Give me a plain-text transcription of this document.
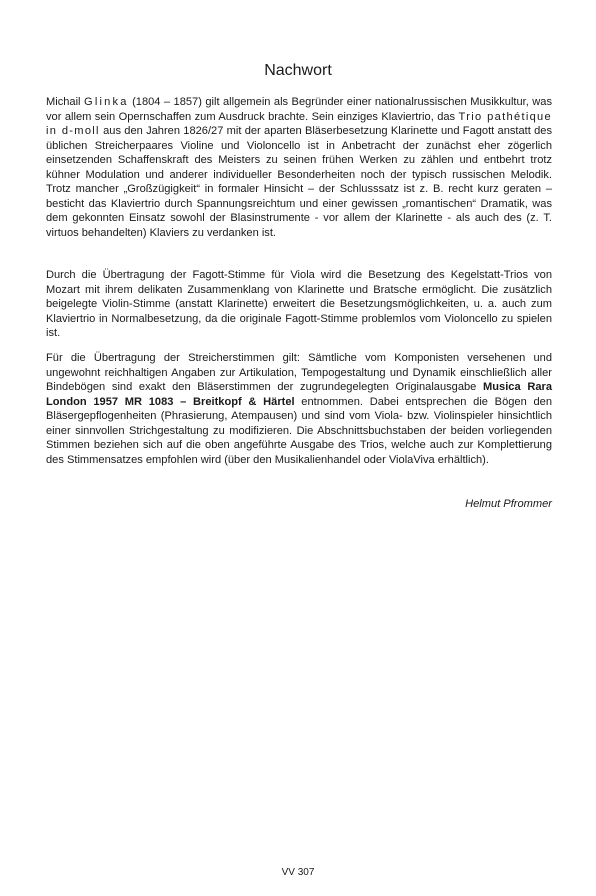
Nachwort

Michail Glinka (1804 – 1857) gilt allgemein als Begründer einer nationalrussischen Musikkultur, was vor allem sein Opernschaffen zum Ausdruck brachte. Sein einziges Klaviertrio, das Trio pathétique in d-moll aus den Jahren 1826/27 mit der aparten Bläserbesetzung Klarinette und Fagott anstatt des üblichen Streicherpaares Violine und Violoncello ist in Anbetracht der zunächst eher zögerlich einsetzenden Schaffenskraft des Meisters zu seinen frühen Werken zu zählen und entbehrt trotz kühner Modulation und anderer individueller Besonderheiten noch der typisch russischen Melodik. Trotz mancher „Großzügigkeit“ in formaler Hinsicht – der Schlusssatz ist z. B. recht kurz geraten – besticht das Klaviertrio durch Spannungsreichtum und einer gewissen „romantischen“ Dramatik, was dem gekonnten Einsatz sowohl der Blasinstrumente - vor allem der Klarinette - als auch des (z. T. virtuos behandelten) Klaviers zu verdanken ist.

Durch die Übertragung der Fagott-Stimme für Viola wird die Besetzung des Kegelstatt-Trios von Mozart mit ihrem delikaten Zusammenklang von Klarinette und Bratsche ermöglicht. Die zusätzlich beigelegte Violin-Stimme (anstatt Klarinette) erweitert die Besetzungsmöglichkeiten, u. a. auch zum Klaviertrio in Normalbesetzung, da die originale Fagott-Stimme problemlos vom Violoncello zu spielen ist.

Für die Übertragung der Streicherstimmen gilt: Sämtliche vom Komponisten versehenen und ungewohnt reichhaltigen Angaben zur Artikulation, Tempogestaltung und Dynamik einschließlich aller Bindebögen sind exakt den Bläserstimmen der zugrundegelegten Originalausgabe Musica Rara London 1957 MR 1083 – Breitkopf & Härtel entnommen. Dabei entsprechen die Bögen den Bläsergepflogenheiten (Phrasierung, Atempausen) und sind vom Viola- bzw. Violinspieler hinsichtlich einer sinnvollen Strichgestaltung zu modifizieren. Die Abschnittsbuchstaben der beiden vorliegenden Stimmen beziehen sich auf die oben angeführte Ausgabe des Trios, welche auch zur Komplettierung des Stimmensatzes empfohlen wird (über den Musikalienhandel oder ViolaViva erhältlich).

Helmut Pfrommer
VV 307
